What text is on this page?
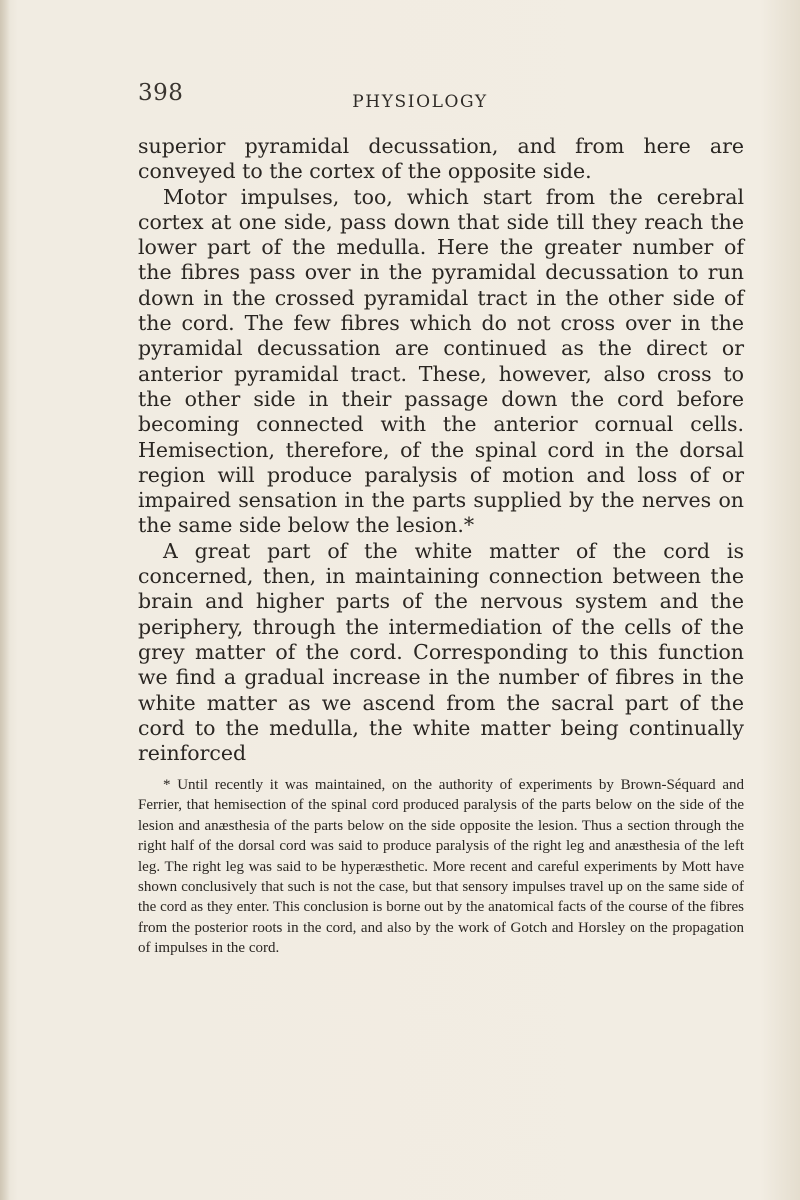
398	PHYSIOLOGY

superior pyramidal decussation, and from here are conveyed to the cortex of the opposite side.

Motor impulses, too, which start from the cerebral cortex at one side, pass down that side till they reach the lower part of the medulla. Here the greater number of the fibres pass over in the pyramidal decussation to run down in the crossed pyramidal tract in the other side of the cord. The few fibres which do not cross over in the pyramidal decussation are continued as the direct or anterior pyramidal tract. These, however, also cross to the other side in their passage down the cord before becoming connected with the anterior cornual cells. Hemisection, therefore, of the spinal cord in the dorsal region will produce paralysis of motion and loss of or impaired sensation in the parts supplied by the nerves on the same side below the lesion.*

A great part of the white matter of the cord is concerned, then, in maintaining connection between the brain and higher parts of the nervous system and the periphery, through the intermediation of the cells of the grey matter of the cord. Corresponding to this function we find a gradual increase in the number of fibres in the white matter as we ascend from the sacral part of the cord to the medulla, the white matter being continually reinforced

* Until recently it was maintained, on the authority of experiments by Brown-Séquard and Ferrier, that hemisection of the spinal cord produced paralysis of the parts below on the side of the lesion and anæsthesia of the parts below on the side opposite the lesion. Thus a section through the right half of the dorsal cord was said to produce paralysis of the right leg and anæsthesia of the left leg. The right leg was said to be hyperæsthetic. More recent and careful experiments by Mott have shown conclusively that such is not the case, but that sensory impulses travel up on the same side of the cord as they enter. This conclusion is borne out by the anatomical facts of the course of the fibres from the posterior roots in the cord, and also by the work of Gotch and Horsley on the propagation of impulses in the cord.
